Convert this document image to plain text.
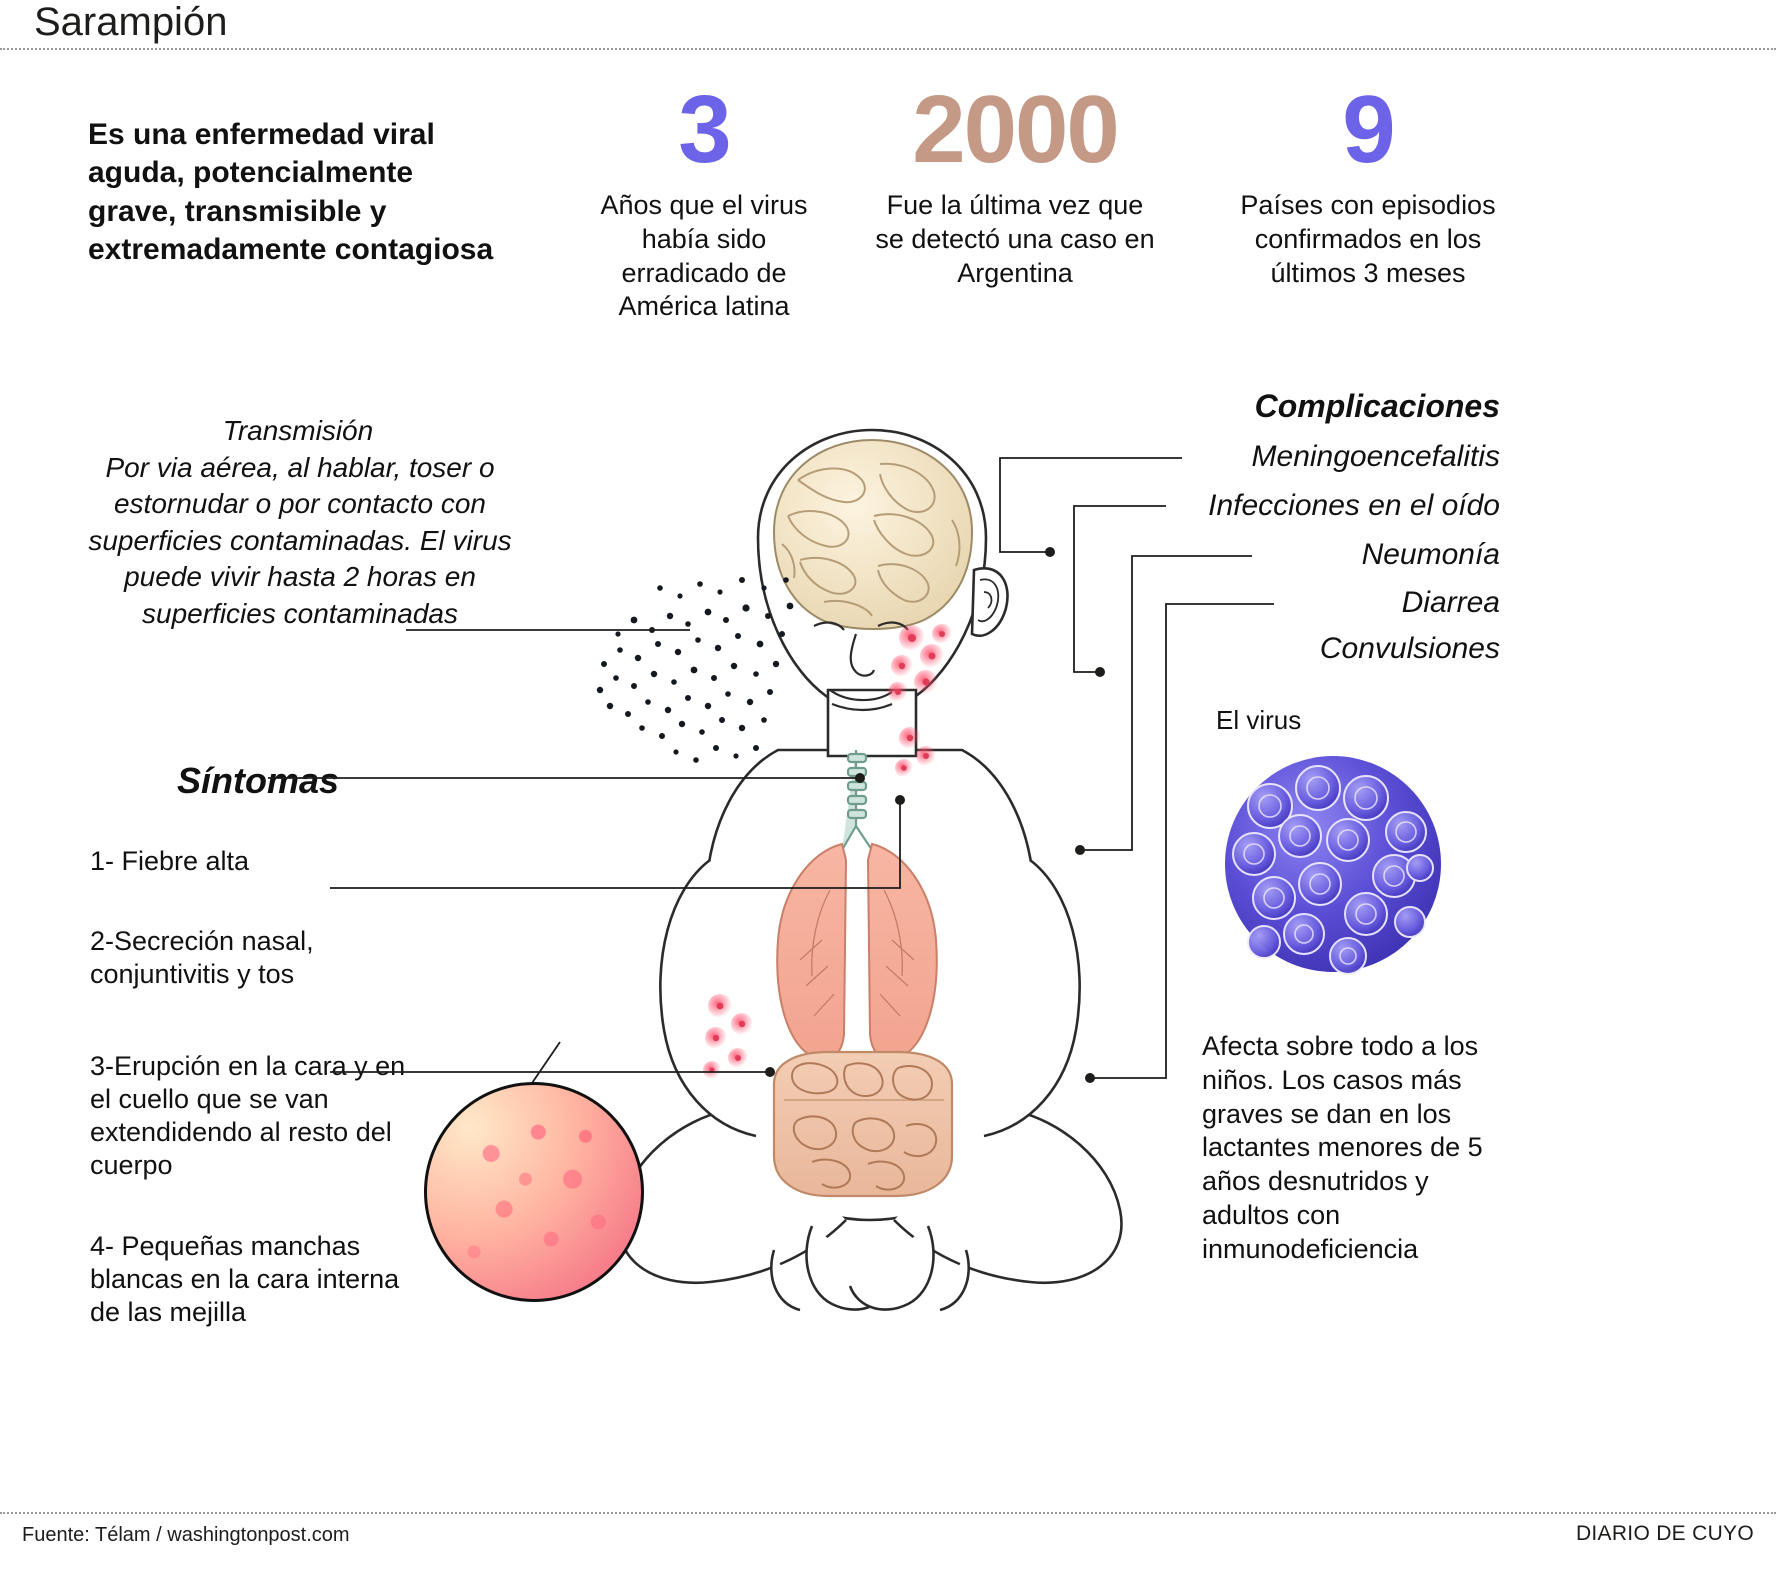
Sarampión
Es una enfermedad viral aguda, potencialmente grave, transmisible y extremadamente contagiosa
Transmisión
Por via aérea, al hablar, toser o estornudar o por contacto con superficies contaminadas. El virus puede vivir hasta 2 horas en superficies contaminadas
Síntomas
1- Fiebre alta
2-Secreción nasal, conjuntivitis y tos
3-Erupción en la cara y en el cuello que se van extendidendo al resto del cuerpo
4- Pequeñas manchas blancas en la cara interna de las mejilla
3
Años que el virus había sido erradicado de América latina
2000
Fue la última vez que se detectó una caso en Argentina
9
Países con episodios confirmados en los últimos 3 meses
Complicaciones
Meningoencefalitis
Infecciones en el oído
Neumonía
Diarrea
Convulsiones
El virus
Afecta sobre todo a los niños. Los casos más graves se dan en los lactantes menores de 5 años desnutridos y adultos con inmunodeficiencia
Fuente: Télam / washingtonpost.com	DIARIO DE CUYO
